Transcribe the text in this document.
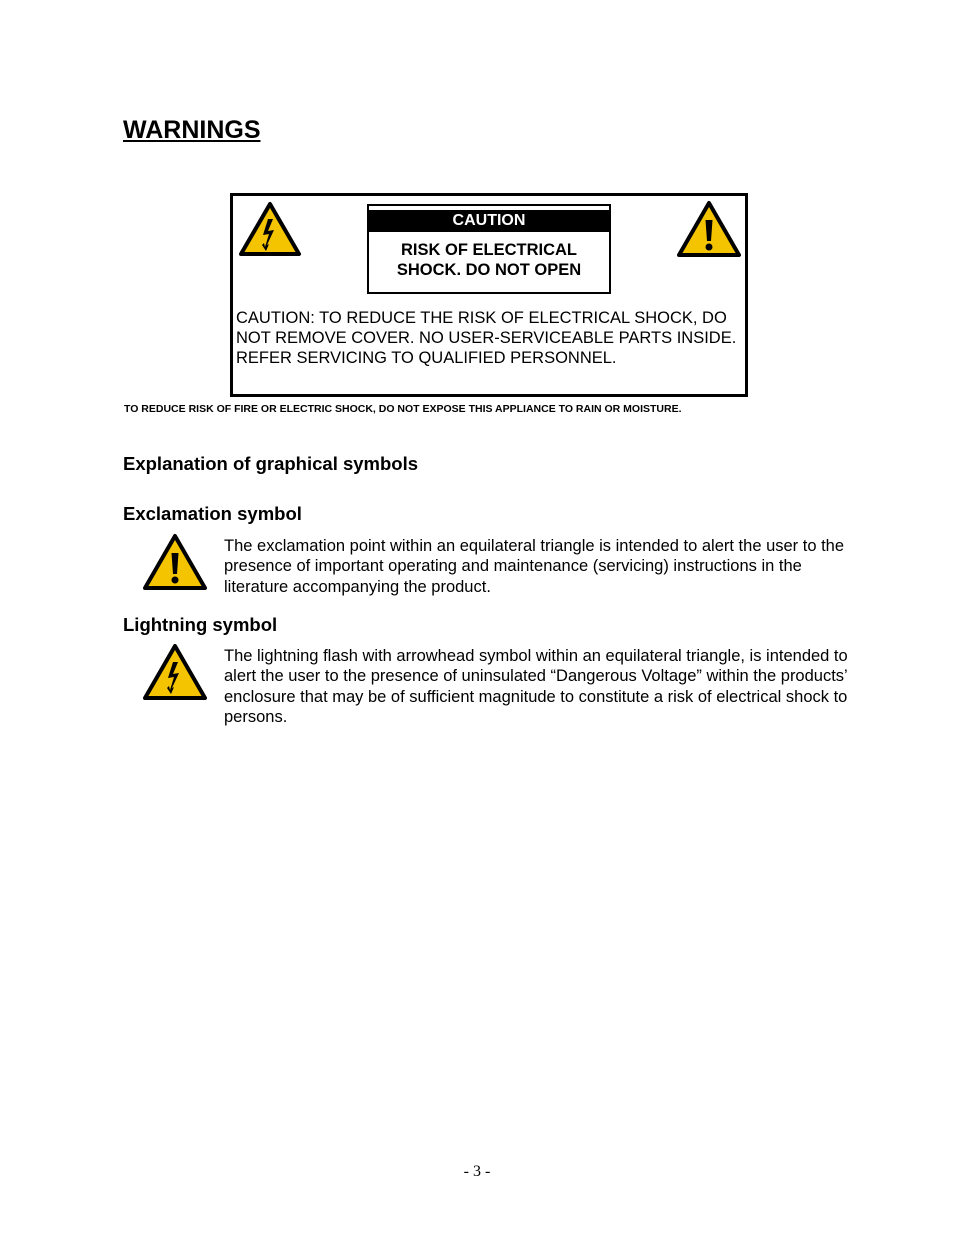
WARNINGS
CAUTION
RISK OF ELECTRICAL
SHOCK. DO NOT OPEN
CAUTION: TO REDUCE THE RISK OF ELECTRICAL SHOCK, DO NOT REMOVE COVER. NO USER-SERVICEABLE PARTS INSIDE. REFER SERVICING TO QUALIFIED PERSONNEL.
TO REDUCE RISK OF FIRE OR ELECTRIC SHOCK, DO NOT EXPOSE THIS APPLIANCE TO RAIN OR MOISTURE.
Explanation of graphical symbols
Exclamation symbol
The exclamation point within an equilateral triangle is intended to alert the user to the presence of important operating and maintenance (servicing) instructions in the literature accompanying the product.
Lightning symbol
The lightning flash with arrowhead symbol within an equilateral triangle, is intended to alert the user to the presence of uninsulated “Dangerous Voltage” within the products’ enclosure that may be of sufficient magnitude to constitute a risk of electrical shock to persons.
- 3 -
